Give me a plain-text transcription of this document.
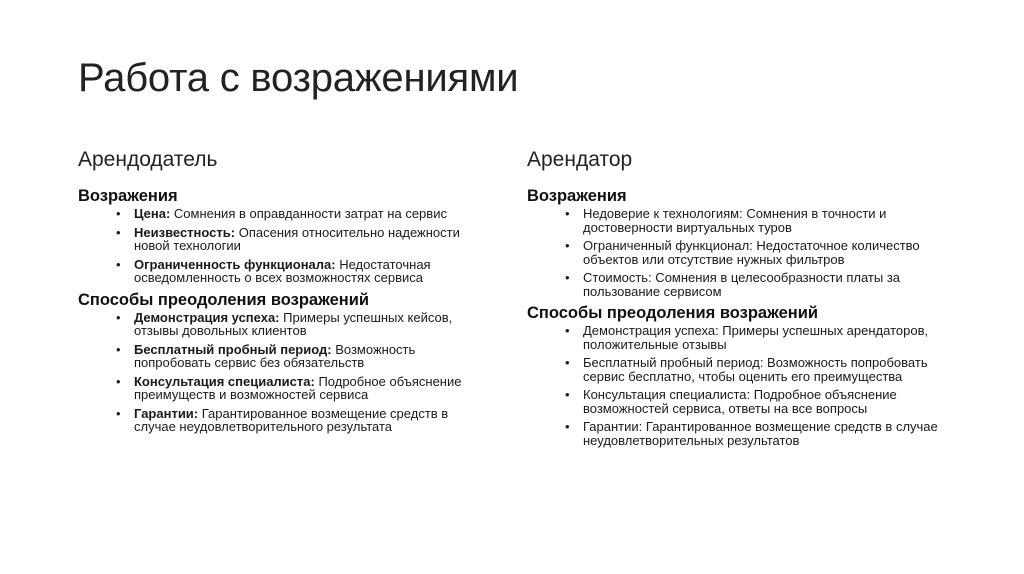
Работа с возражениями
Арендодатель
Возражения
• Цена: Сомнения в оправданности затрат на сервис
• Неизвестность: Опасения относительно надежности новой технологии
• Ограниченность функционала: Недостаточная осведомленность о всех возможностях сервиса
Способы преодоления возражений
• Демонстрация успеха: Примеры успешных кейсов, отзывы довольных клиентов
• Бесплатный пробный период: Возможность попробовать сервис без обязательств
• Консультация специалиста: Подробное объяснение преимуществ и возможностей сервиса
• Гарантии: Гарантированное возмещение средств в случае неудовлетворительного результата
Арендатор
Возражения
• Недоверие к технологиям: Сомнения в точности и достоверности виртуальных туров
• Ограниченный функционал: Недостаточное количество объектов или отсутствие нужных фильтров
• Стоимость: Сомнения в целесообразности платы за пользование сервисом
Способы преодоления возражений
• Демонстрация успеха: Примеры успешных арендаторов, положительные отзывы
• Бесплатный пробный период: Возможность попробовать сервис бесплатно, чтобы оценить его преимущества
• Консультация специалиста: Подробное объяснение возможностей сервиса, ответы на все вопросы
• Гарантии: Гарантированное возмещение средств в случае неудовлетворительных результатов
